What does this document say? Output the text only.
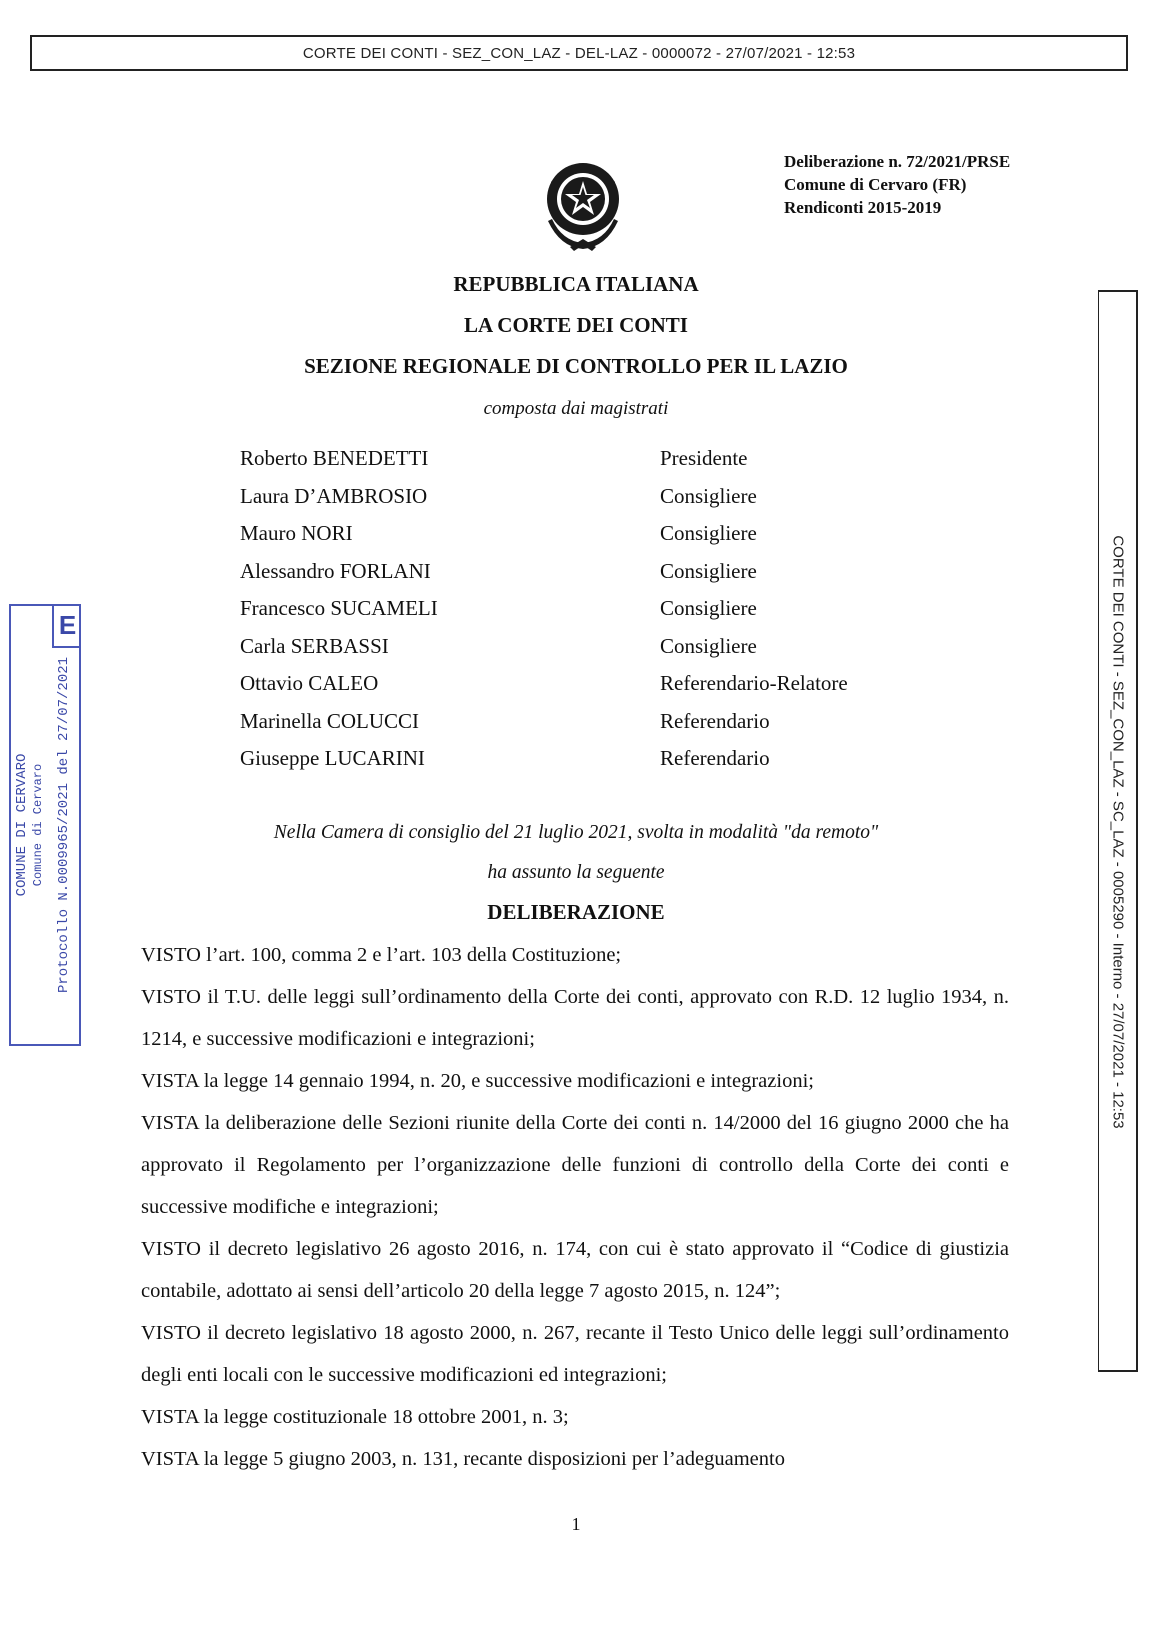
CORTE DEI CONTI - SEZ_CON_LAZ - DEL-LAZ - 0000072 - 27/07/2021 - 12:53
CORTE DEI CONTI - SEZ_CON_LAZ - SC_LAZ - 0005290 - Interno - 27/07/2021 - 12:53
E
COMUNE DI CERVARO Comune di Cervaro Protocollo N.0009965/2021 del 27/07/2021
Deliberazione n. 72/2021/PRSE
Comune di Cervaro (FR)
Rendiconti 2015-2019
REPUBBLICA ITALIANA
LA CORTE DEI CONTI
SEZIONE REGIONALE DI CONTROLLO PER IL LAZIO
composta dai magistrati
Roberto BENEDETTI	Presidente
Laura D’AMBROSIO	Consigliere
Mauro NORI	Consigliere
Alessandro FORLANI	Consigliere
Francesco SUCAMELI	Consigliere
Carla SERBASSI	Consigliere
Ottavio CALEO	Referendario-Relatore
Marinella COLUCCI	Referendario
Giuseppe LUCARINI	Referendario
Nella Camera di consiglio del 21 luglio 2021, svolta in modalità "da remoto"
ha assunto la seguente
DELIBERAZIONE

VISTO l’art. 100, comma 2 e l’art. 103 della Costituzione;

VISTO il T.U. delle leggi sull’ordinamento della Corte dei conti, approvato con R.D. 12 luglio 1934, n. 1214, e successive modificazioni e integrazioni;

VISTA la legge 14 gennaio 1994, n. 20, e successive modificazioni e integrazioni;

VISTA la deliberazione delle Sezioni riunite della Corte dei conti n. 14/2000 del 16 giugno 2000 che ha approvato il Regolamento per l’organizzazione delle funzioni di controllo della Corte dei conti e successive modifiche e integrazioni;

VISTO il decreto legislativo 26 agosto 2016, n. 174, con cui è stato approvato il “Codice di giustizia contabile, adottato ai sensi dell’articolo 20 della legge 7 agosto 2015, n. 124”;

VISTO il decreto legislativo 18 agosto 2000, n. 267, recante il Testo Unico delle leggi sull’ordinamento degli enti locali con le successive modificazioni ed integrazioni;

VISTA la legge costituzionale 18 ottobre 2001, n. 3;

VISTA la legge 5 giugno 2003, n. 131, recante disposizioni per l’adeguamento

1
